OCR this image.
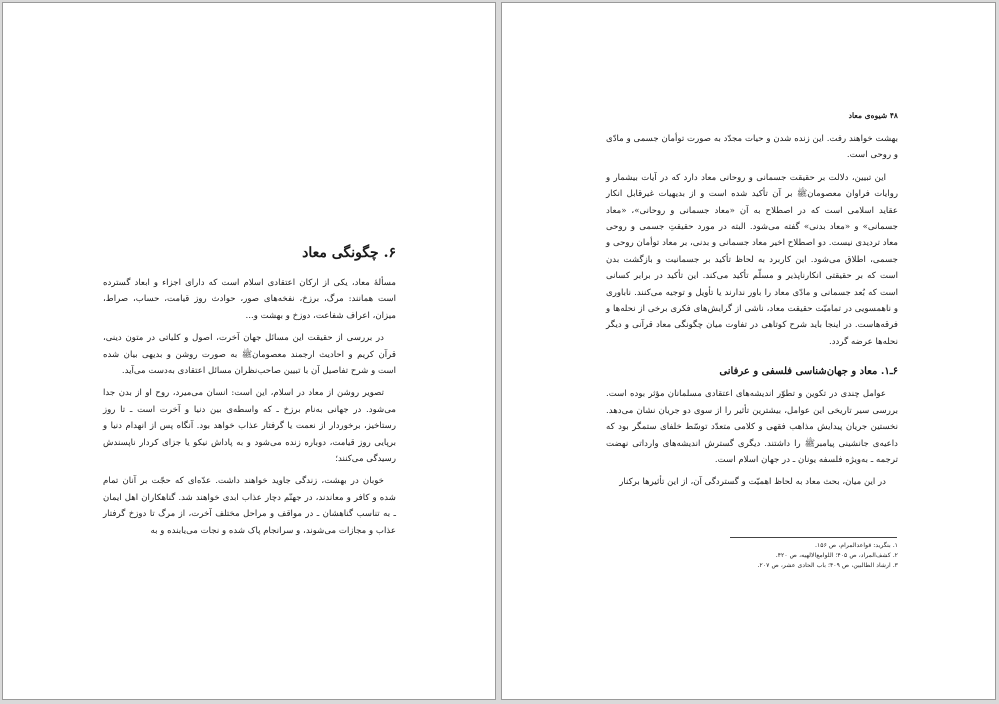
۶. چگونگی معاد

مسألهٔ معاد، یکی از ارکان اعتقادی اسلام است که دارای اجزاء و ابعاد گسترده است همانند: مرگ، برزخ، نفخه‌های صور، حوادث روز قیامت، حساب، صراط، میزان، اعراف شفاعت، دوزخ و بهشت و...

در بررسی از حقیقت این مسائل جهان آخرت، اصول و کلیاتی در متون دینی، قرآن کریم و احادیث ارجمند معصومان‌ﷺ به صورت روشن و بدیهی بیان شده است و شرح تفاصیل آن با تبیین صاحب‌نظران مسائل اعتقادی به‌دست می‌آید.

تصویر روشن از معاد در اسلام، این است: انسان می‌میرد، روح او از بدن جدا می‌شود. در جهانی به‌نام برزخ ـ که واسطه‌ی بین دنیا و آخرت است ـ تا روز رستاخیز، برخوردار از نعمت یا گرفتار عذاب خواهد بود. آنگاه پس از انهدام دنیا و برپایی روز قیامت، دوباره زنده می‌شود و به پاداش نیکو یا جزای کردار ناپسندش رسیدگی می‌کنند؛

خوبان در بهشت، زندگی جاوید خواهند داشت. عدّه‌ای که حجّت بر آنان تمام شده و کافر و معاندند، در جهنّم دچار عذاب ابدی خواهند شد. گناهکاران اهل ایمان ـ به تناسب گناهشان ـ در مواقف و مراحل مختلف آخرت، از مرگ تا دوزخ گرفتار عذاب و مجازات می‌شوند، و سرانجام پاک شده و نجات می‌یابنده و به

۴۸ شیوه‌ی معاد

بهشت خواهند رفت. این زنده شدن و حیات مجدّد به صورت توأمان جسمی و مادّی و روحی است.

این تبیین، دلالت بر حقیقت جسمانی و روحانی معاد دارد که در آیات بیشمار و روایات فراوان معصومان‌ﷺ بر آن تأکید شده است و از بدیهیات غیرقابل انکار عقاید اسلامی است که در اصطلاح به آن «معاد جسمانی و روحانی»، «معاد جسمانی» و «معاد بدنی» گفته می‌شود. البته در مورد حقیقتِ جسمی و روحی معاد تردیدی نیست. دو اصطلاح اخیر معاد جسمانی و بدنی، بر معاد توأمان روحی و جسمی، اطلاق می‌شود. این کاربرد به لحاظ تأکید بر جسمانیت و بازگشت بدن است که بر حقیقتی انکارناپذیر و مسلّم تأکید می‌کند. این تأکید در برابر کسانی است که بُعد جسمانی و مادّی معاد را باور ندارند یا تأویل و توجیه می‌کنند. ناباوری و ناهمسویی در تمامیّت حقیقت معاد، ناشی از گرایش‌های فکری برخی از نحله‌ها و فرقه‌هاست. در اینجا باید شرح کوتاهی در تفاوت میان چگونگی معاد قرآنی و دیگر نحله‌ها عرضه گردد.

۶ـ۱. معاد و جهان‌شناسی فلسفی و عرفانی

عوامل چندی در تکوین و تطوّر اندیشه‌های اعتقادی مسلمانان مؤثر بوده است. بررسی سیر تاریخی این عوامل، بیشترین تأثیر را از سوی دو جریان نشان می‌دهد. نخستین جریان پیدایش مذاهب فقهی و کلامی متعدّد توسّط خلفای ستمگر بود که داعیه‌ی جانشینی پیامبرﷺ را داشتند. دیگری گسترش اندیشه‌های وارداتی نهضت ترجمه ـ به‌ویژه فلسفه یونان ـ در جهان اسلام است.

در این میان، بحث معاد به لحاظ اهمیّت و گستردگی آن، از این تأثیرها برکنار

۱. بنگرید: قواعدالمرام، ص ۱۵۶.

۲. کشف‌المراد، ص ۴۰۵؛ اللوامع‌الالهیه، ص ۴۲۰.

۳. ارشاد الطالبین، ص ۴۰۹؛ باب الحادی عشر، ص ۲۰۷.
